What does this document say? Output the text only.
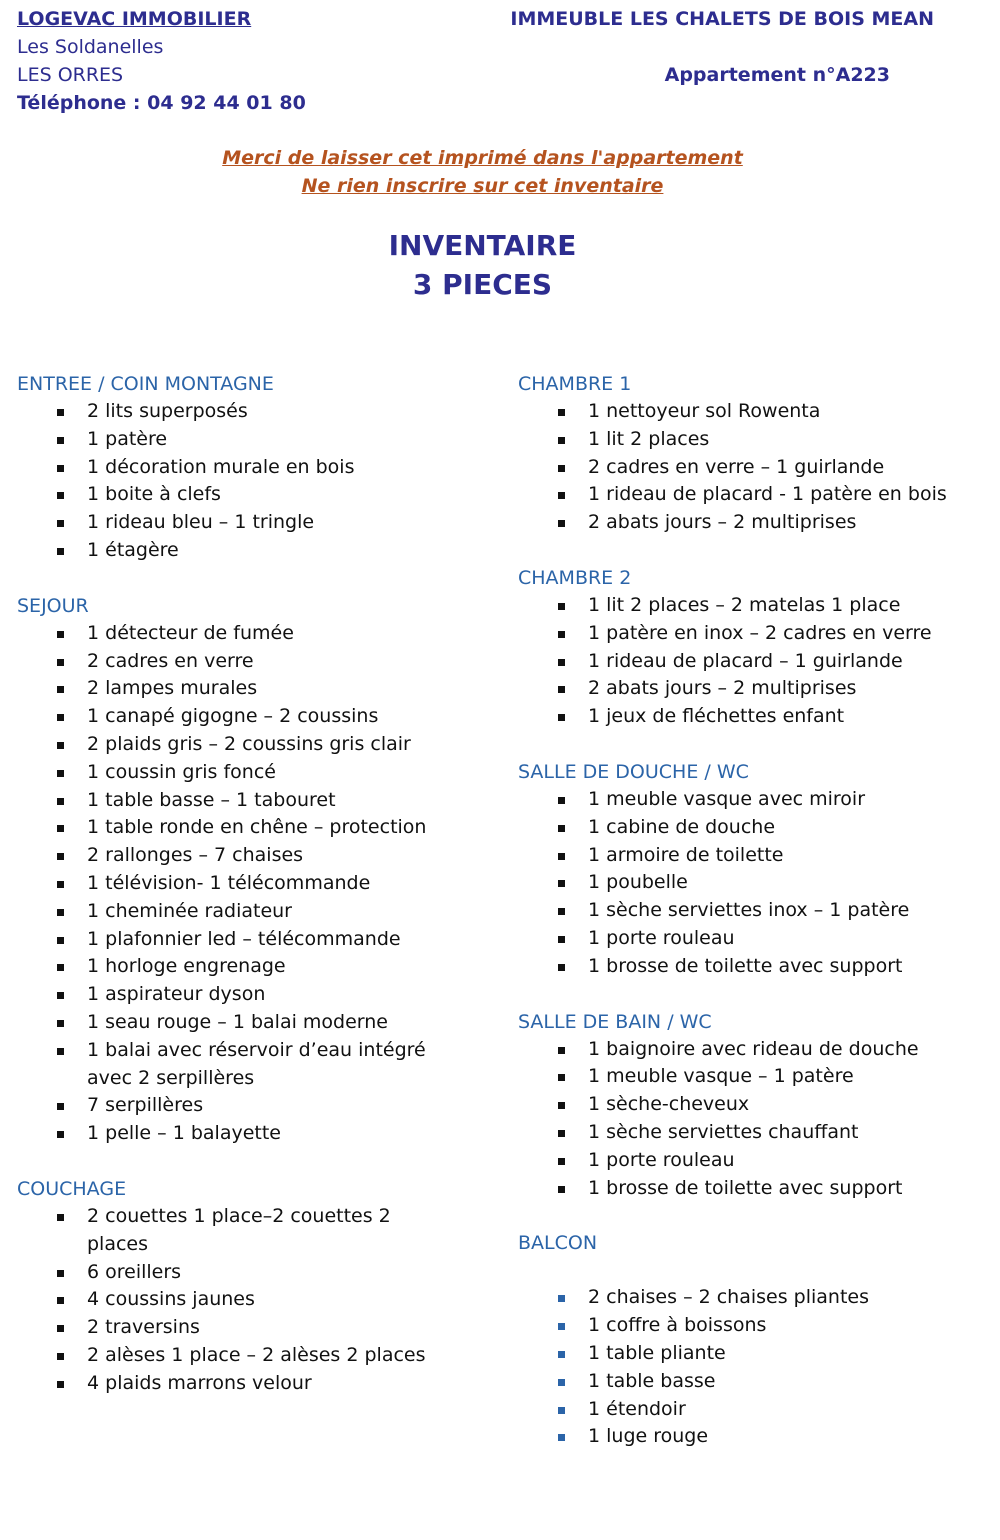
LOGEVAC IMMOBILIER
Les Soldanelles
LES ORRES
Téléphone : 04 92 44 01 80
IMMEUBLE LES CHALETS DE BOIS MEAN
Appartement n°A223
Merci de laisser cet imprimé dans l'appartement
Ne rien inscrire sur cet inventaire
INVENTAIRE
3 PIECES
ENTREE / COIN MONTAGNE
2 lits superposés
1 patère
1 décoration murale en bois
1 boite à clefs
1 rideau bleu – 1 tringle
1 étagère
SEJOUR
1 détecteur de fumée
2 cadres en verre
2 lampes murales
1 canapé gigogne – 2 coussins
2 plaids gris – 2 coussins gris clair
1 coussin gris foncé
1 table basse – 1 tabouret
1 table ronde en chêne – protection
2 rallonges – 7 chaises
1 télévision- 1 télécommande
1 cheminée radiateur
1 plafonnier led – télécommande
1 horloge engrenage
1 aspirateur dyson
1 seau rouge – 1 balai moderne
1 balai avec réservoir d’eau intégré avec 2 serpillères
7 serpillères
1 pelle – 1 balayette
COUCHAGE
2 couettes 1 place–2 couettes 2 places
6 oreillers
4 coussins jaunes
2 traversins
2 alèses 1 place – 2 alèses 2 places
4 plaids marrons velour
CHAMBRE 1
1 nettoyeur sol Rowenta
1 lit 2 places
2 cadres en verre – 1 guirlande
1 rideau de placard - 1 patère en bois
2 abats jours – 2 multiprises
CHAMBRE 2
1 lit 2 places – 2 matelas 1 place
1 patère en inox – 2 cadres en verre
1 rideau de placard – 1 guirlande
2 abats jours – 2 multiprises
1 jeux de fléchettes enfant
SALLE DE DOUCHE / WC
1 meuble vasque avec miroir
1 cabine de douche
1 armoire de toilette
1 poubelle
1 sèche serviettes inox – 1 patère
1 porte rouleau
1 brosse de toilette avec support
SALLE DE BAIN / WC
1 baignoire avec rideau de douche
1 meuble vasque – 1 patère
1 sèche-cheveux
1 sèche serviettes chauffant
1 porte rouleau
1 brosse de toilette avec support
BALCON
2 chaises – 2 chaises pliantes
1 coffre à boissons
1 table pliante
1 table basse
1 étendoir
1 luge rouge
